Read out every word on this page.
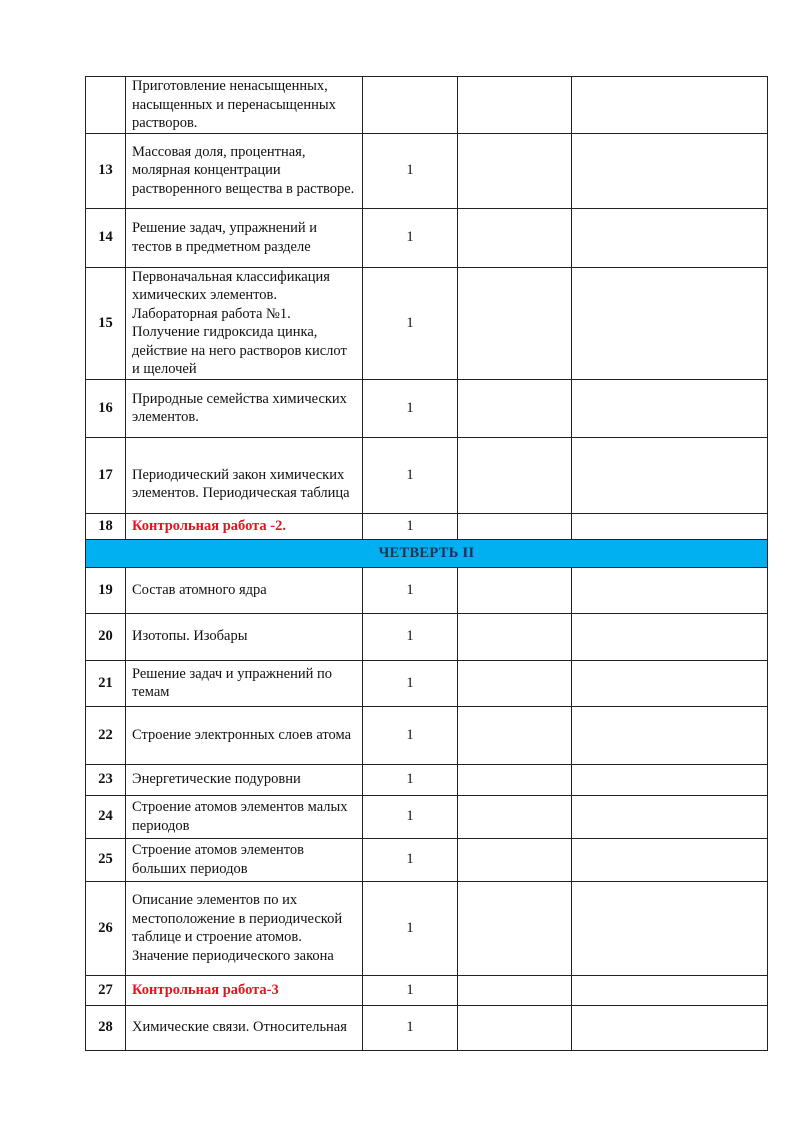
	Приготовление ненасыщенных, насыщенных и перенасыщенных растворов.			
13	Массовая доля, процентная, молярная концентрации растворенного вещества в растворе.	1		
14	Решение задач, упражнений и тестов в предметном разделе	1		
15	Первоначальная классификация химических элементов. Лабораторная работа №1. Получение гидроксида цинка, действие на него растворов кислот и щелочей	1		
16	Природные семейства химических элементов.	1		
17	Периодический закон химических элементов. Периодическая таблица	1		
18	Контрольная работа -2.	1		
ЧЕТВЕРТЬ II				
19	Состав атомного ядра	1		
20	Изотопы. Изобары	1		
21	Решение задач и упражнений по темам	1		
22	Строение электронных слоев атома	1		
23	Энергетические подуровни	1		
24	Строение атомов элементов малых периодов	1		
25	Строение атомов элементов больших периодов	1		
26	Описание элементов по их местоположение в периодической таблице и строение атомов. Значение периодического закона	1		
27	Контрольная работа-3	1		
28	Химические связи. Относительная	1		
